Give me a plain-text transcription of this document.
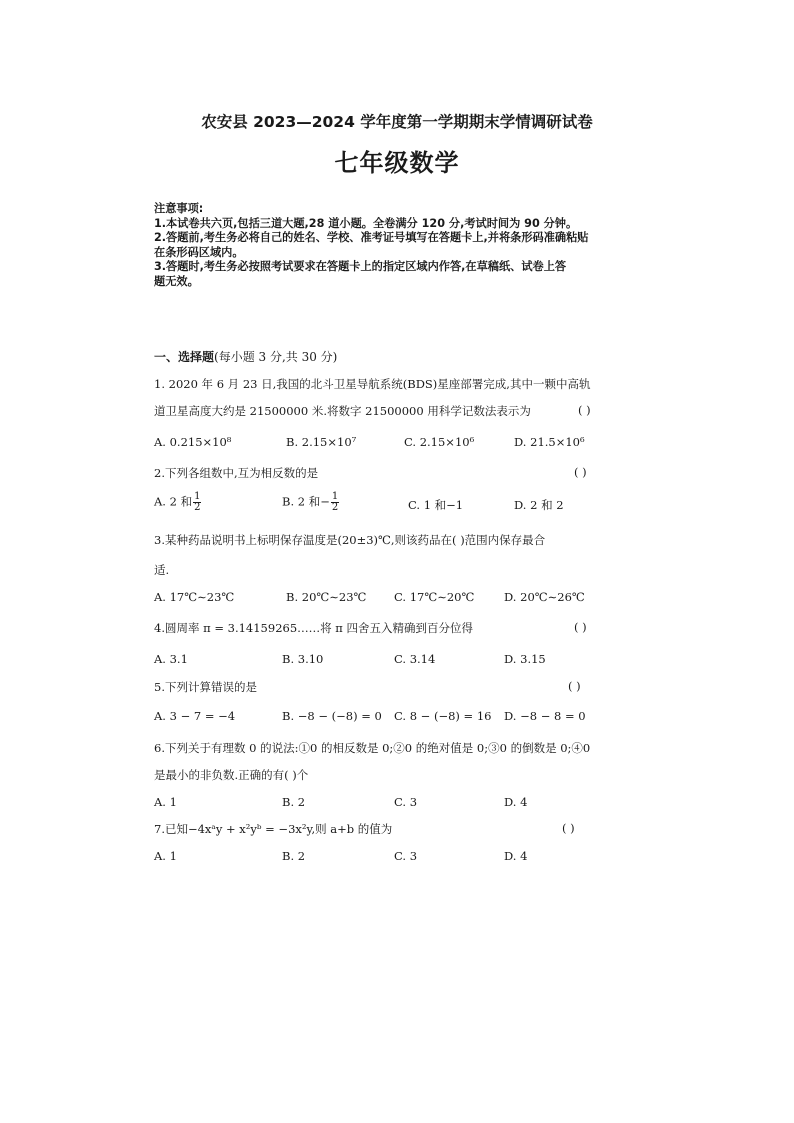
农安县 2023—2024 学年度第一学期期末学情调研试卷
七年级数学
注意事项:
1.本试卷共六页,包括三道大题,28 道小题。全卷满分 120 分,考试时间为 90 分钟。
2.答题前,考生务必将自己的姓名、学校、准考证号填写在答题卡上,并将条形码准确粘贴
在条形码区域内。
3.答题时,考生务必按照考试要求在答题卡上的指定区域内作答,在草稿纸、试卷上答
题无效。
一、选择题(每小题 3 分,共 30 分)
1. 2020 年 6 月 23 日,我国的北斗卫星导航系统(BDS)星座部署完成,其中一颗中高轨
道卫星高度大约是 21500000 米.将数字 21500000 用科学记数法表示为	( )
A. 0.215×10⁸	B. 2.15×10⁷	C. 2.15×10⁶	D. 21.5×10⁶
2.下列各组数中,互为相反数的是	( )
A. 2 和 $\frac{1}{2}$	B. 2 和− $\frac{1}{2}$	C. 1 和−1	D. 2 和 2
3.某种药品说明书上标明保存温度是(20±3)℃,则该药品在( )范围内保存最合
适.
A. 17℃∼23℃	B. 20℃∼23℃ C. 17℃∼20℃	D. 20℃∼26℃
4.圆周率 π = 3.14159265……将 π 四舍五入精确到百分位得	( )
A. 3.1	B. 3.10	C. 3.14	D. 3.15
5.下列计算错误的是	( )
A. 3 − 7 = −4	B. −8 − (−8) = 0 C. 8 − (−8) = 16 D. −8 − 8 = 0
6.下列关于有理数 0 的说法:①0 的相反数是 0;②0 的绝对值是 0;③0 的倒数是 0;④0
是最小的非负数.正确的有( )个
A. 1	B. 2	C. 3	D. 4
7.已知−4xᵃy + x²yᵇ = −3x²y,则 a+b 的值为	( )
A. 1	B. 2	C. 3	D. 4
